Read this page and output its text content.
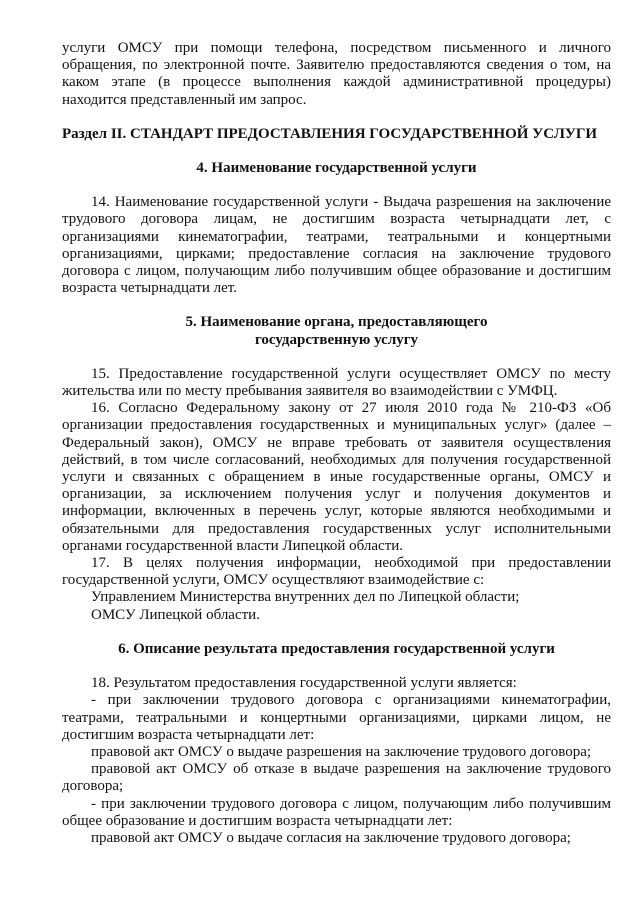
услуги ОМСУ при помощи телефона, посредством письменного и личного обращения, по электронной почте. Заявителю предоставляются сведения о том, на каком этапе (в процессе выполнения каждой административной процедуры) находится представленный им запрос.

Раздел II. СТАНДАРТ ПРЕДОСТАВЛЕНИЯ ГОСУДАРСТВЕННОЙ УСЛУГИ

4. Наименование государственной услуги

14. Наименование государственной услуги - Выдача разрешения на заключение трудового договора лицам, не достигшим возраста четырнадцати лет, с организациями кинематографии, театрами, театральными и концертными организациями, цирками; предоставление согласия на заключение трудового договора с лицом, получающим либо получившим общее образование и достигшим возраста четырнадцати лет.

5. Наименование органа, предоставляющего

государственную услугу

15. Предоставление государственной услуги осуществляет ОМСУ по месту жительства или по месту пребывания заявителя во взаимодействии с УМФЦ.

16. Согласно Федеральному закону от 27 июля 2010 года № 210-ФЗ «Об организации предоставления государственных и муниципальных услуг» (далее – Федеральный закон), ОМСУ не вправе требовать от заявителя осуществления действий, в том числе согласований, необходимых для получения государственной услуги и связанных с обращением в иные государственные органы, ОМСУ и организации, за исключением получения услуг и получения документов и информации, включенных в перечень услуг, которые являются необходимыми и обязательными для предоставления государственных услуг исполнительными органами государственной власти Липецкой области.

17. В целях получения информации, необходимой при предоставлении государственной услуги, ОМСУ осуществляют взаимодействие с:

Управлением Министерства внутренних дел по Липецкой области;

ОМСУ Липецкой области.

6. Описание результата предоставления государственной услуги

18. Результатом предоставления государственной услуги является:

- при заключении трудового договора с организациями кинематографии, театрами, театральными и концертными организациями, цирками лицом, не достигшим возраста четырнадцати лет:

правовой акт ОМСУ о выдаче разрешения на заключение трудового договора;

правовой акт ОМСУ об отказе в выдаче разрешения на заключение трудового договора;

- при заключении трудового договора с лицом, получающим либо получившим общее образование и достигшим возраста четырнадцати лет:

правовой акт ОМСУ о выдаче согласия на заключение трудового договора;
